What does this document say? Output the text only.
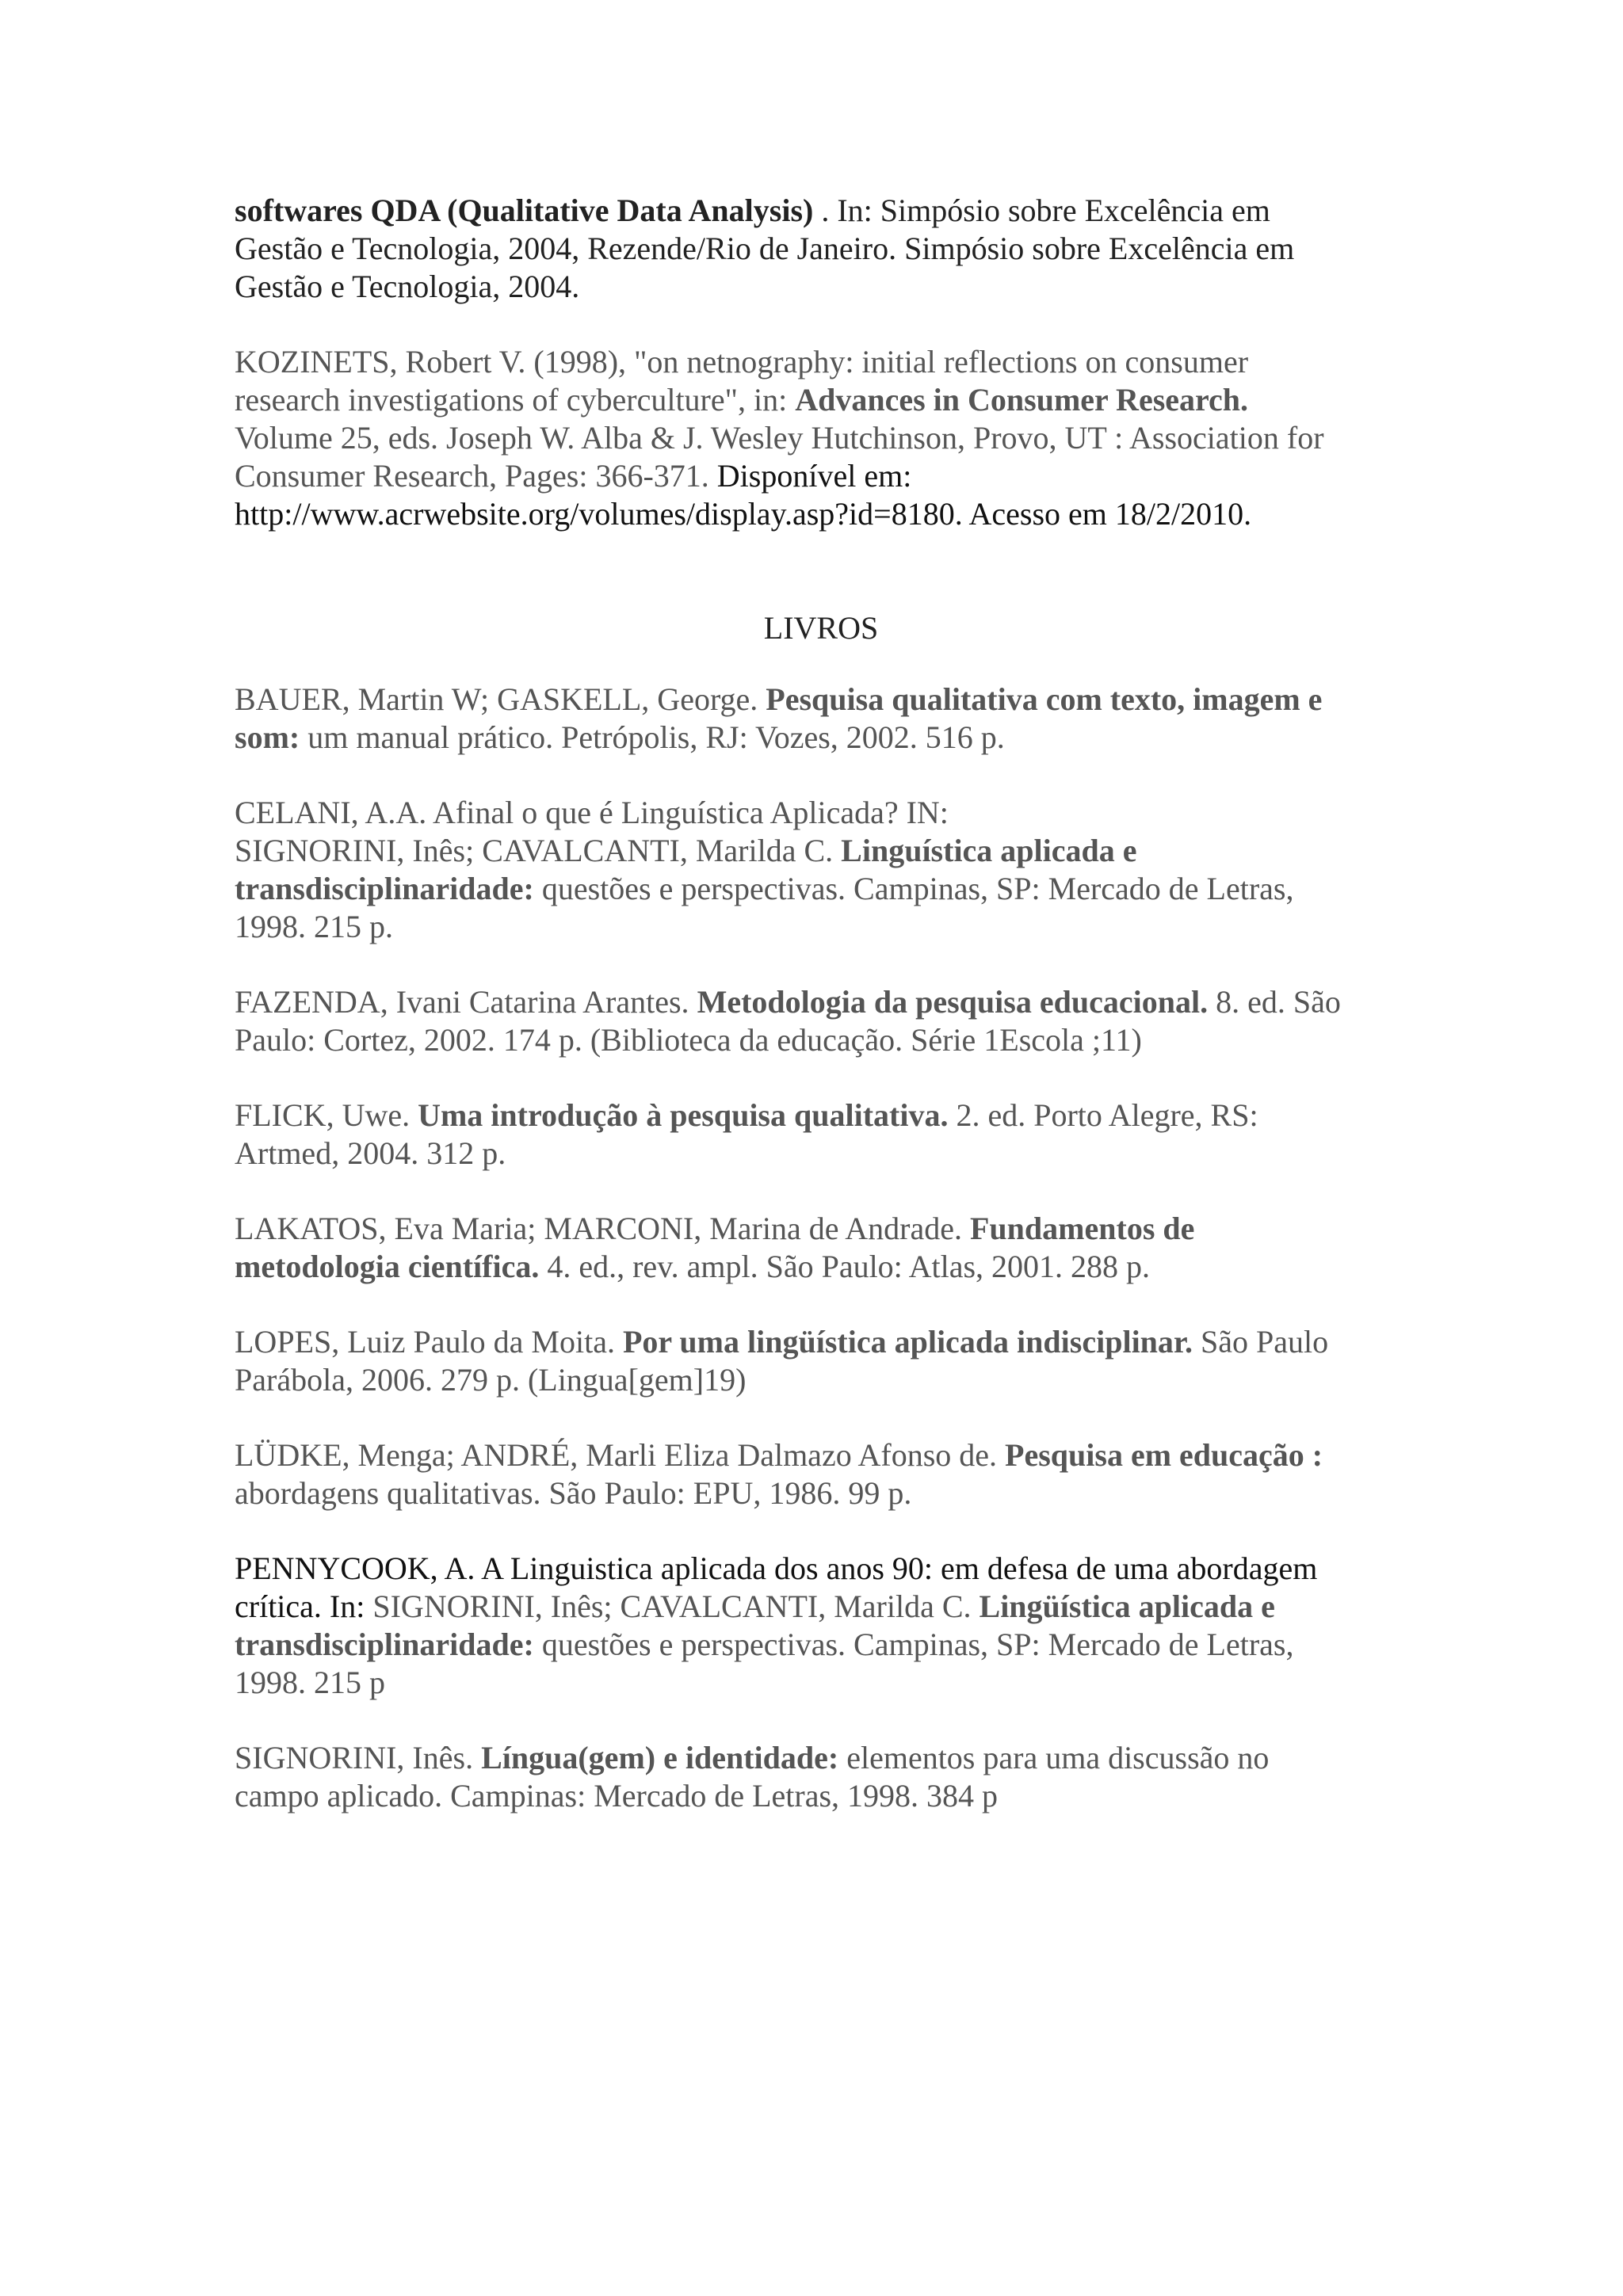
softwares QDA (Qualitative Data Analysis) . In: Simpósio sobre Excelência em
Gestão e Tecnologia, 2004, Rezende/Rio de Janeiro. Simpósio sobre Excelência em
Gestão e Tecnologia, 2004.

KOZINETS, Robert V. (1998), "on netnography: initial reflections on consumer
research investigations of cyberculture", in: Advances in Consumer Research.
Volume 25, eds. Joseph W. Alba & J. Wesley Hutchinson, Provo, UT : Association for
Consumer Research, Pages: 366-371. Disponível em:
http://www.acrwebsite.org/volumes/display.asp?id=8180. Acesso em 18/2/2010.

LIVROS

BAUER, Martin W; GASKELL, George. Pesquisa qualitativa com texto, imagem e
som: um manual prático. Petrópolis, RJ: Vozes, 2002. 516 p.

CELANI, A.A. Afinal o que é Linguística Aplicada? IN:
SIGNORINI, Inês; CAVALCANTI, Marilda C. Linguística aplicada e
transdisciplinaridade: questões e perspectivas. Campinas, SP: Mercado de Letras,
1998. 215 p.

FAZENDA, Ivani Catarina Arantes. Metodologia da pesquisa educacional. 8. ed. São
Paulo: Cortez, 2002. 174 p. (Biblioteca da educação. Série 1Escola ;11)

FLICK, Uwe. Uma introdução à pesquisa qualitativa. 2. ed. Porto Alegre, RS:
Artmed, 2004. 312 p.

LAKATOS, Eva Maria; MARCONI, Marina de Andrade. Fundamentos de
metodologia científica. 4. ed., rev. ampl. São Paulo: Atlas, 2001. 288 p.

LOPES, Luiz Paulo da Moita. Por uma lingüística aplicada indisciplinar. São Paulo
Parábola, 2006. 279 p. (Lingua[gem]19)

LÜDKE, Menga; ANDRÉ, Marli Eliza Dalmazo Afonso de. Pesquisa em educação :
abordagens qualitativas. São Paulo: EPU, 1986. 99 p.

PENNYCOOK, A. A Linguistica aplicada dos anos 90: em defesa de uma abordagem
crítica. In: SIGNORINI, Inês; CAVALCANTI, Marilda C. Lingüística aplicada e
transdisciplinaridade: questões e perspectivas. Campinas, SP: Mercado de Letras,
1998. 215 p

SIGNORINI, Inês. Língua(gem) e identidade: elementos para uma discussão no
campo aplicado. Campinas: Mercado de Letras, 1998. 384 p
